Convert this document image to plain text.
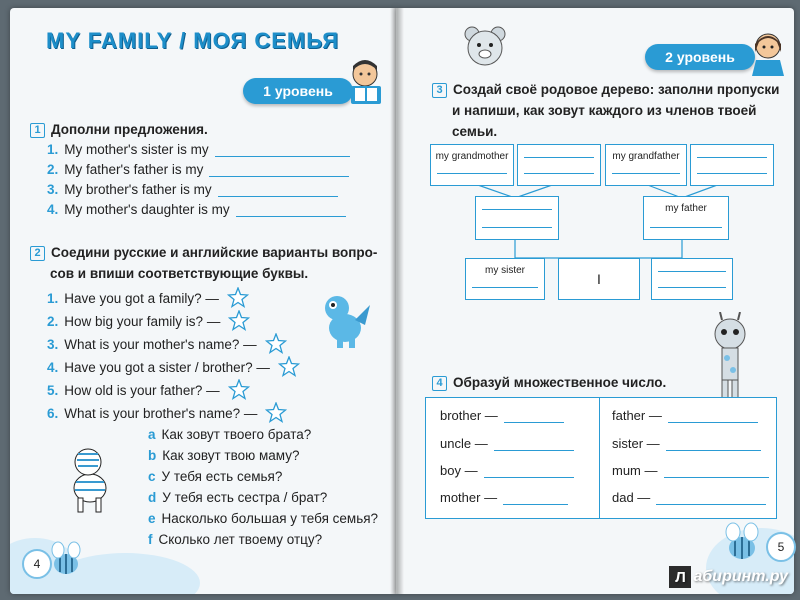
MY FAMILY / МОЯ СЕМЬЯ
1 уровень
1 Дополни предложения.
1. My mother's sister is my
2. My father's father is my
3. My brother's father is my
4. My mother's daughter is my
2 Соедини русские и английские варианты вопро-
сов и впиши соответствующие буквы.
1. Have you got a family? —
2. How big your family is? —
3. What is your mother's name? —
4. Have you got a sister / brother? —
5. How old is your father? —
6. What is your brother's name? —
a Как зовут твоего брата?
b Как зовут твою маму?
c У тебя есть семья?
d У тебя есть сестра / брат?
e Насколько большая у тебя семья?
f Сколько лет твоему отцу?
4
2 уровень
3 Создай своё родовое дерево: заполни пропуски
и напиши, как зовут каждого из членов твоей
семьи.
my grandmother	my grandfather
my father
my sister
I
4 Образуй множественное число.
brother —
uncle —
boy —
mother —
father —
sister —
mum —
dad —
5
Л абиринт.ру
